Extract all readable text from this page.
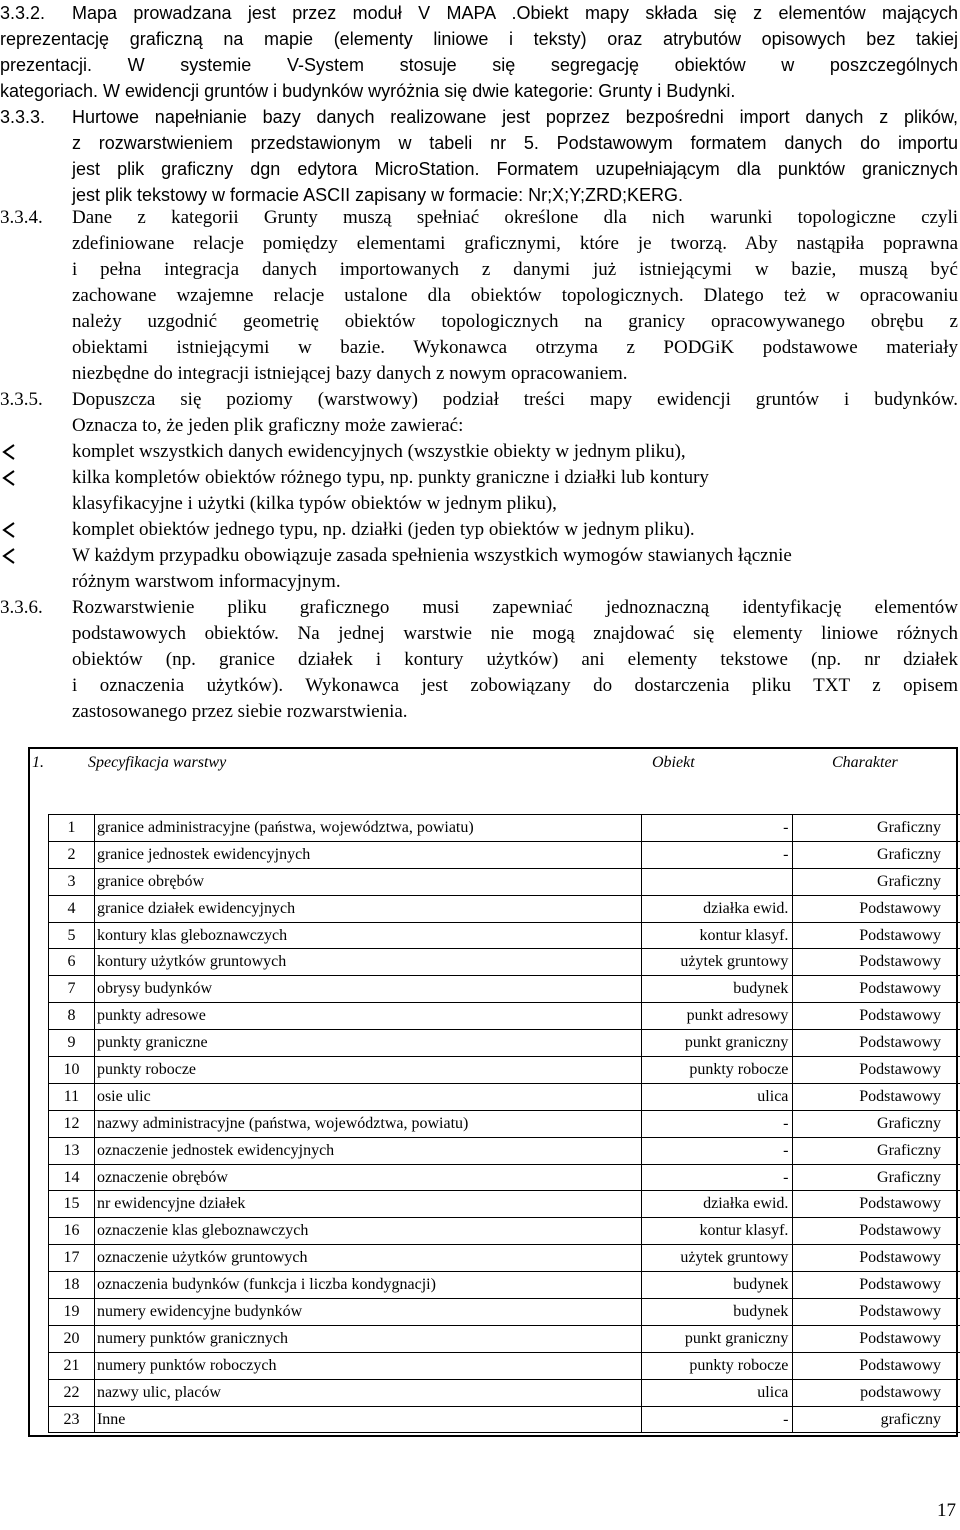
3.3.2. Mapa prowadzana jest przez moduł V MAPA .Obiekt mapy składa się z elementów mających
reprezentację graficzną na mapie (elementy liniowe i teksty) oraz atrybutów opisowych bez takiej
prezentacji. W systemie V-System stosuje się segregację obiektów w poszczególnych
kategoriach. W ewidencji gruntów i budynków wyróżnia się dwie kategorie: Grunty i Budynki.
3.3.3. Hurtowe napełnianie bazy danych realizowane jest poprzez bezpośredni import danych z plików,
z rozwarstwieniem przedstawionym w tabeli nr 5. Podstawowym formatem danych do importu
jest plik graficzny dgn edytora MicroStation. Formatem uzupełniającym dla punktów granicznych
jest plik tekstowy w formacie ASCII zapisany w formacie: Nr;X;Y;ZRD;KERG.
3.3.4. Dane z kategorii Grunty muszą spełniać określone dla nich warunki topologiczne czyli
zdefiniowane relacje pomiędzy elementami graficznymi, które je tworzą. Aby nastąpiła poprawna
i pełna integracja danych importowanych z danymi już istniejącymi w bazie, muszą być
zachowane wzajemne relacje ustalone dla obiektów topologicznych. Dlatego też w opracowaniu
należy uzgodnić geometrię obiektów topologicznych na granicy opracowywanego obrębu z
obiektami istniejącymi w bazie. Wykonawca otrzyma z PODGiK podstawowe materiały
niezbędne do integracji istniejącej bazy danych z nowym opracowaniem.
3.3.5. Dopuszcza się poziomy (warstwowy) podział treści mapy ewidencji gruntów i budynków.
Oznacza to, że jeden plik graficzny może zawierać:
komplet wszystkich danych ewidencyjnych (wszystkie obiekty w jednym pliku),
kilka kompletów obiektów różnego typu, np. punkty graniczne i działki lub kontury
klasyfikacyjne i użytki (kilka typów obiektów w jednym pliku),
komplet obiektów jednego typu, np. działki (jeden typ obiektów w jednym pliku).
W każdym przypadku obowiązuje zasada spełnienia wszystkich wymogów stawianych łącznie
różnym warstwom informacyjnym.
3.3.6. Rozwarstwienie pliku graficznego musi zapewniać jednoznaczną identyfikację elementów
podstawowych obiektów. Na jednej warstwie nie mogą znajdować się elementy liniowe różnych
obiektów (np. granice działek i kontury użytków) ani elementy tekstowe (np. nr działek
i oznaczenia użytków). Wykonawca jest zobowiązany do dostarczenia pliku TXT z opisem
zastosowanego przez siebie rozwarstwienia.
1.	Specyfikacja warstwy	Obiekt	Charakter
1	granice administracyjne (państwa, województwa, powiatu)	-	Graficzny
2	granice jednostek ewidencyjnych	-	Graficzny
3	granice obrębów		Graficzny
4	granice działek ewidencyjnych	działka ewid.	Podstawowy
5	kontury klas gleboznawczych	kontur klasyf.	Podstawowy
6	kontury użytków gruntowych	użytek gruntowy	Podstawowy
7	obrysy budynków	budynek	Podstawowy
8	punkty adresowe	punkt adresowy	Podstawowy
9	punkty graniczne	punkt graniczny	Podstawowy
10	punkty robocze	punkty robocze	Podstawowy
11	osie ulic	ulica	Podstawowy
12	nazwy administracyjne (państwa, województwa, powiatu)	-	Graficzny
13	oznaczenie jednostek ewidencyjnych	-	Graficzny
14	oznaczenie obrębów	-	Graficzny
15	nr ewidencyjne działek	działka ewid.	Podstawowy
16	oznaczenie klas gleboznawczych	kontur klasyf.	Podstawowy
17	oznaczenie użytków gruntowych	użytek gruntowy	Podstawowy
18	oznaczenia budynków (funkcja i liczba kondygnacji)	budynek	Podstawowy
19	numery ewidencyjne budynków	budynek	Podstawowy
20	numery punktów granicznych	punkt graniczny	Podstawowy
21	numery punktów roboczych	punkty robocze	Podstawowy
22	nazwy ulic, placów	ulica	podstawowy
23	Inne	-	graficzny
17
